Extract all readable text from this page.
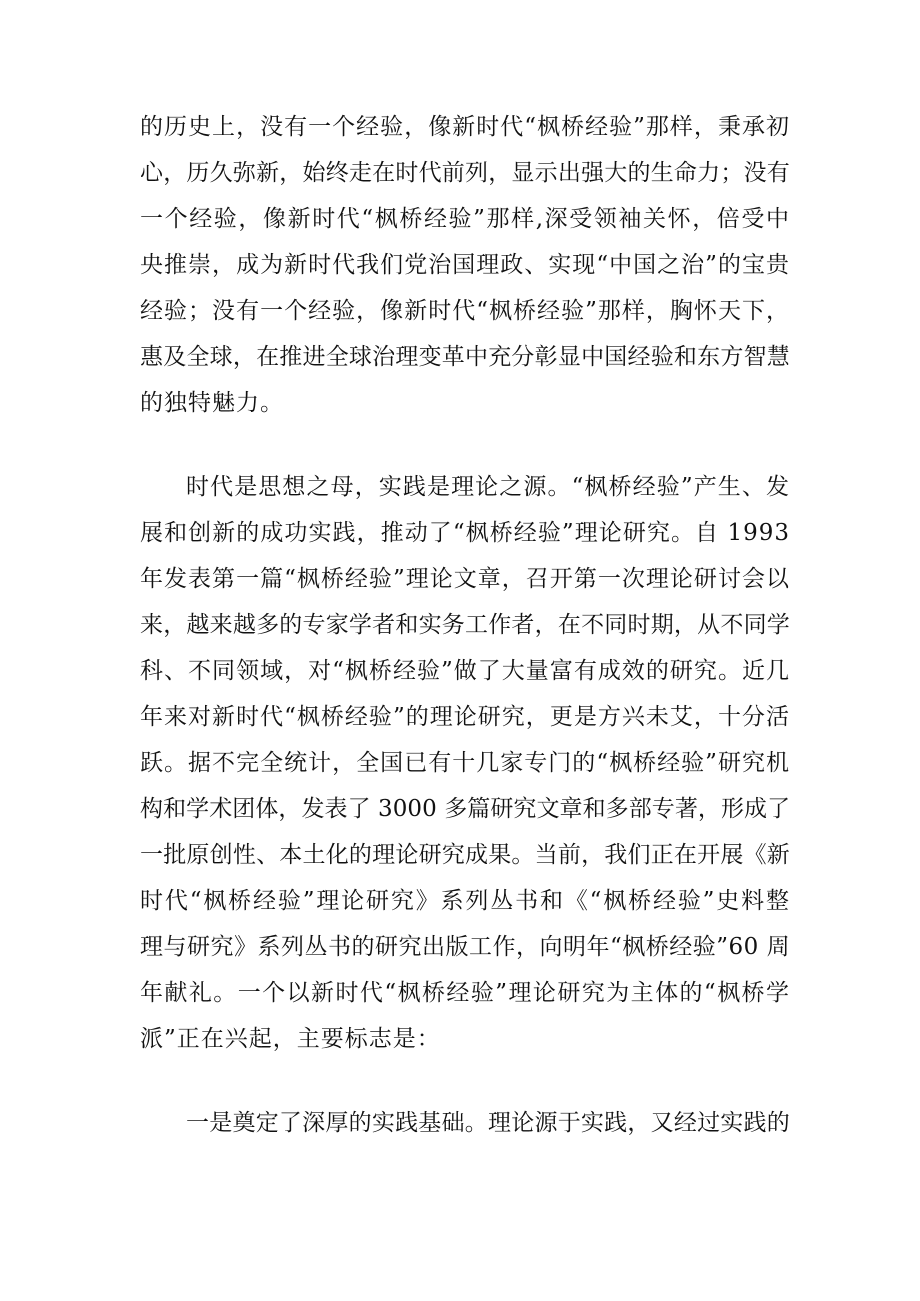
的历史上，没有一个经验，像新时代“枫桥经验”那样，秉承初
心，历久弥新，始终走在时代前列，显示出强大的生命力；没有
一个经验，像新时代“枫桥经验”那样,深受领袖关怀，倍受中
央推崇，成为新时代我们党治国理政、实现“中国之治”的宝贵
经验；没有一个经验，像新时代“枫桥经验”那样，胸怀天下，
惠及全球，在推进全球治理变革中充分彰显中国经验和东方智慧
的独特魅力。
时代是思想之母，实践是理论之源。“枫桥经验”产生、发
展和创新的成功实践，推动了“枫桥经验”理论研究。自 1993
年发表第一篇“枫桥经验”理论文章，召开第一次理论研讨会以
来，越来越多的专家学者和实务工作者，在不同时期，从不同学
科、不同领域，对“枫桥经验”做了大量富有成效的研究。近几
年来对新时代“枫桥经验”的理论研究，更是方兴未艾，十分活
跃。据不完全统计，全国已有十几家专门的“枫桥经验”研究机
构和学术团体，发表了 3000 多篇研究文章和多部专著，形成了
一批原创性、本土化的理论研究成果。当前，我们正在开展《新
时代“枫桥经验”理论研究》系列丛书和《“枫桥经验”史料整
理与研究》系列丛书的研究出版工作，向明年“枫桥经验”60 周
年献礼。一个以新时代“枫桥经验”理论研究为主体的“枫桥学
派”正在兴起，主要标志是：
一是奠定了深厚的实践基础。理论源于实践，又经过实践的
